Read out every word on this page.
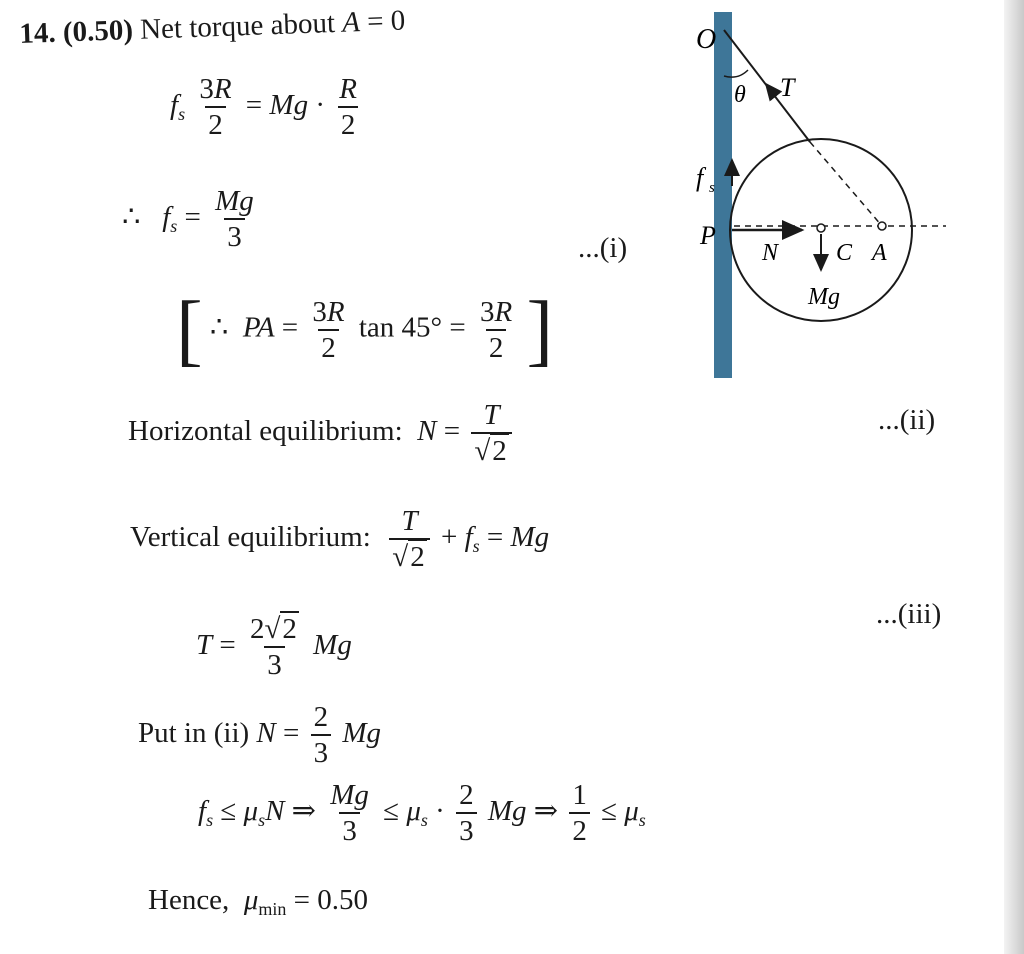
14. (0.50) Net torque about A = 0
$f_s \frac{3R}{2} = Mg \cdot \frac{R}{2}$
∴ $f_s = \frac{Mg}{3}$	...(i)
[ ∴ PA = $\frac{3R}{2}$ $\tan 45^\circ = \frac{3R}{2}$ ]
Horizontal equilibrium: $N = \frac{T}{√2}$	...(ii)
Vertical equilibrium: $\frac{T}{√2} + f_s = Mg$
...(iii)
$T = \frac{2√2}{3}$ Mg
Put in (ii) $N = \frac{2}{3}$ Mg
$f_s \le \mu_sN$ ⇒ $\frac{Mg}{3} \le \mu_s \cdot \frac{2}{3}$ Mg ⇒ $\frac{1}{2} \le \mu_s$
Hence, $\mu_{min} = 0.50$
O
θ T
f s
P
N C A
Mg
